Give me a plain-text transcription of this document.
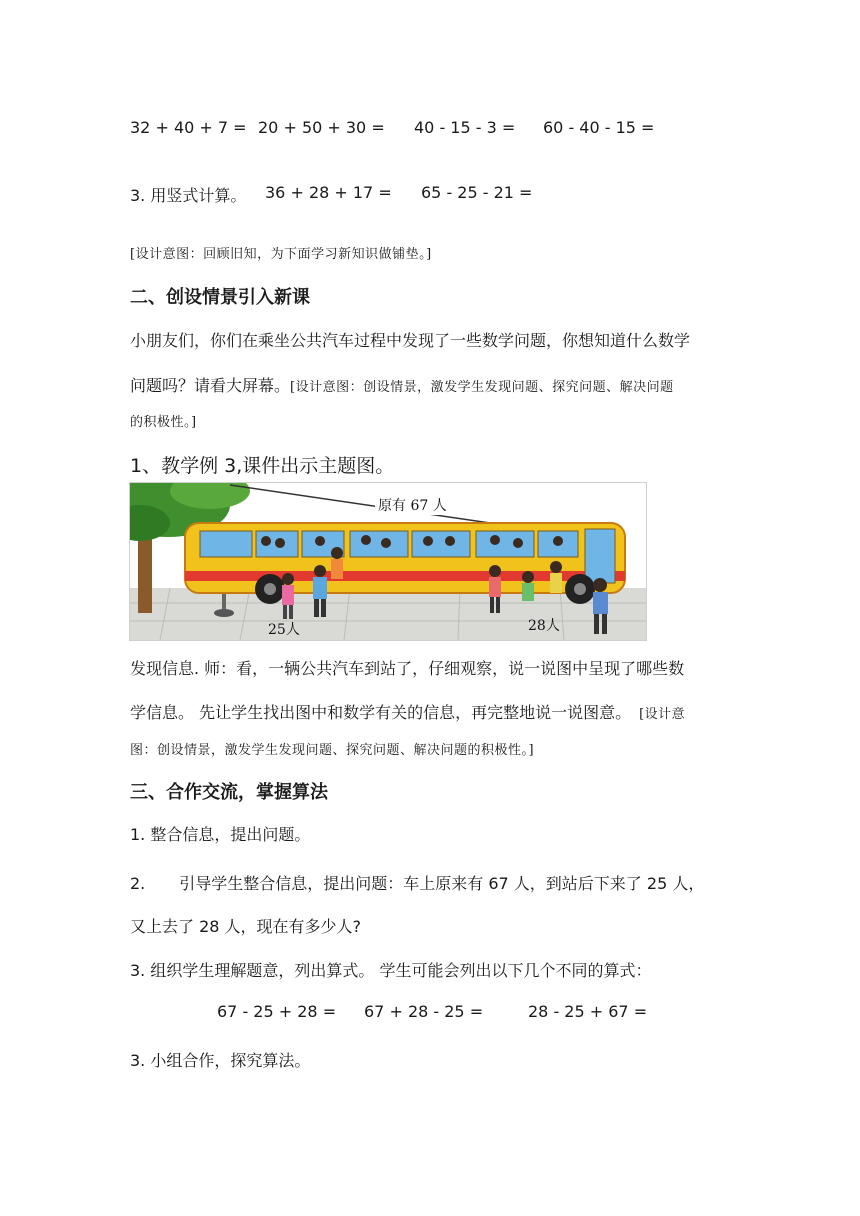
32 + 40 + 7 = 20 + 50 + 30 = 40 - 15 - 3 = 60 - 40 - 15 =
3. 用竖式计算。 36 + 28 + 17 = 65 - 25 - 21 =
[设计意图：回顾旧知，为下面学习新知识做铺垫。]
二、创设情景引入新课
小朋友们，你们在乘坐公共汽车过程中发现了一些数学问题，你想知道什么数学
问题吗？请看大屏幕。[设计意图：创设情景，激发学生发现问题、探究问题、解决问题
的积极性。]
1、教学例 3,课件出示主题图。
原有 67 人
25人	28人
发现信息. 师：看，一辆公共汽车到站了，仔细观察，说一说图中呈现了哪些数
学信息。 先让学生找出图中和数学有关的信息，再完整地说一说图意。 [设计意
图：创设情景，激发学生发现问题、探究问题、解决问题的积极性。]
三、合作交流，掌握算法
1. 整合信息，提出问题。
2. 引导学生整合信息，提出问题：车上原来有 67 人，到站后下来了 25 人，
又上去了 28 人，现在有多少人?
3. 组织学生理解题意，列出算式。 学生可能会列出以下几个不同的算式：
67 - 25 + 28 = 67 + 28 - 25 =	28 - 25 + 67 =
3. 小组合作，探究算法。
